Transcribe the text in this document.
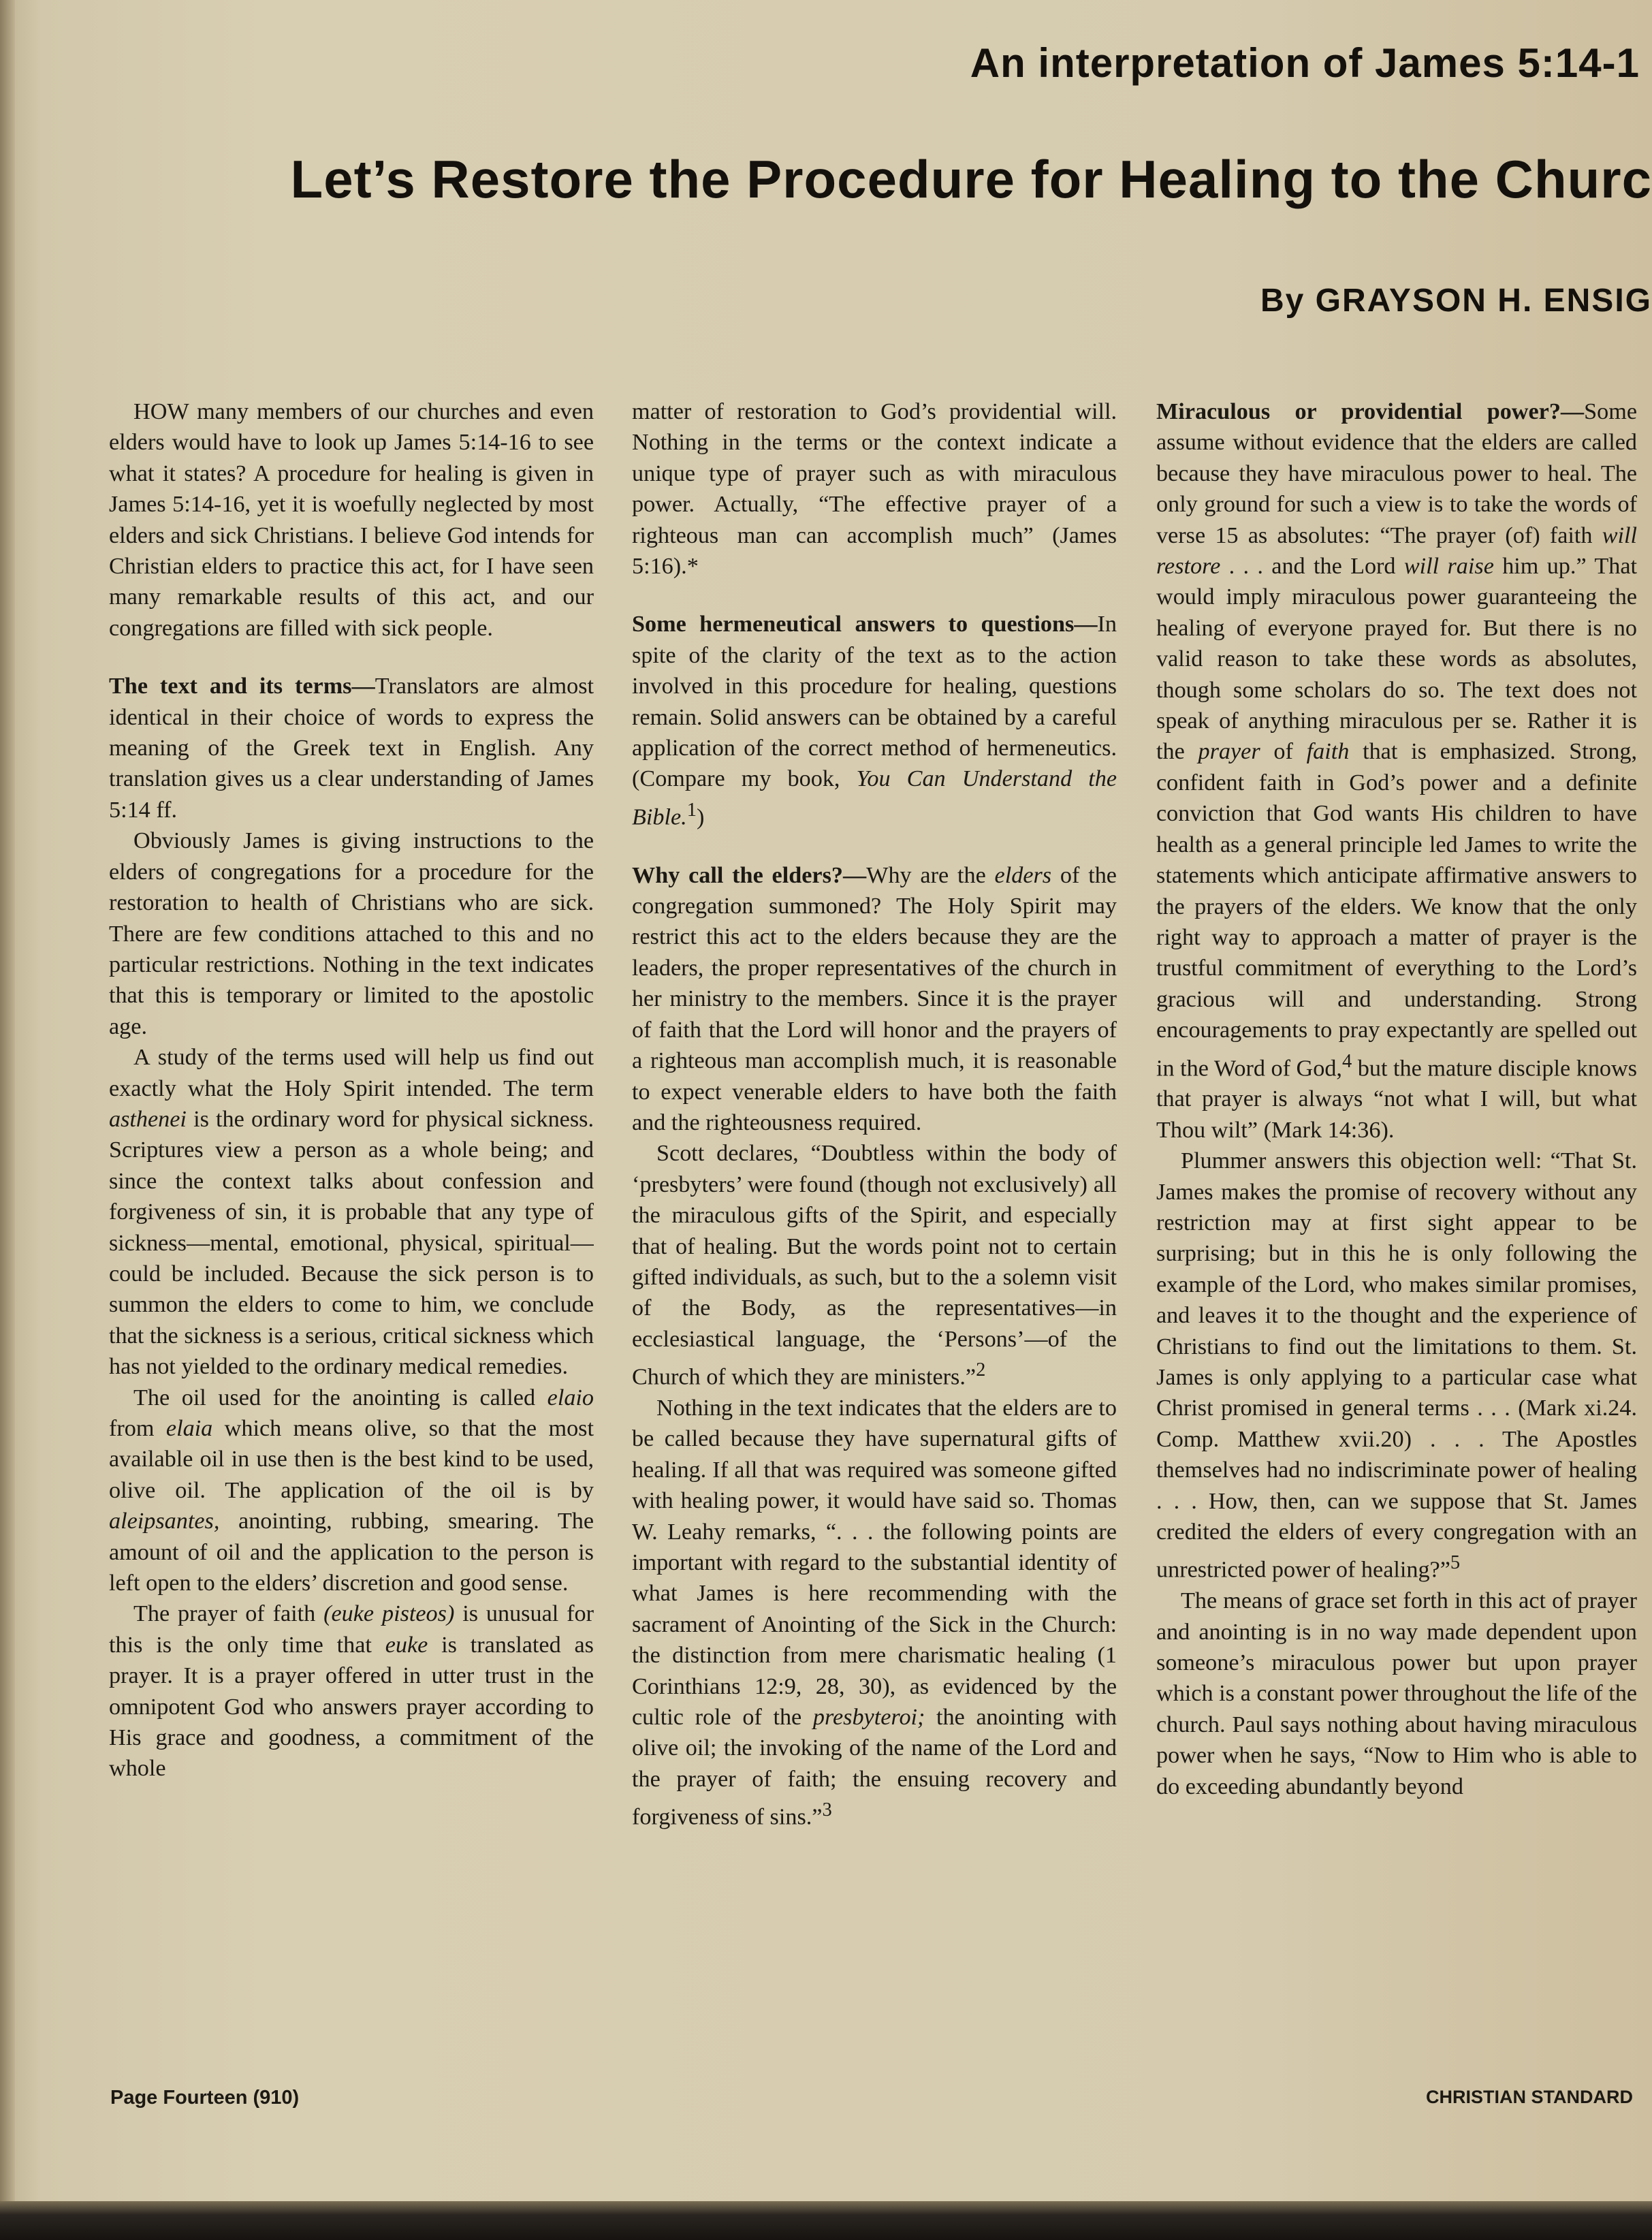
An interpretation of James 5:14-1
Let’s Restore the Procedure for Healing to the Churc
By GRAYSON H. ENSIG

HOW many members of our churches and even elders would have to look up James 5:14-16 to see what it states? A procedure for healing is given in James 5:14-16, yet it is woefully neglected by most elders and sick Christians. I believe God intends for Christian elders to practice this act, for I have seen many remarkable results of this act, and our congregations are filled with sick people.

The text and its terms—Translators are almost identical in their choice of words to express the meaning of the Greek text in English. Any translation gives us a clear understanding of James 5:14 ff.

Obviously James is giving instructions to the elders of congregations for a procedure for the restoration to health of Christians who are sick. There are few conditions attached to this and no particular restrictions. Nothing in the text indicates that this is temporary or limited to the apostolic age.

A study of the terms used will help us find out exactly what the Holy Spirit intended. The term asthenei is the ordinary word for physical sickness. Scriptures view a person as a whole being; and since the context talks about confession and forgiveness of sin, it is probable that any type of sickness—mental, emotional, physical, spiritual—could be included. Because the sick person is to summon the elders to come to him, we conclude that the sickness is a serious, critical sickness which has not yielded to the ordinary medical remedies.

The oil used for the anointing is called elaio from elaia which means olive, so that the most available oil in use then is the best kind to be used, olive oil. The application of the oil is by aleipsantes, anointing, rubbing, smearing. The amount of oil and the application to the person is left open to the elders’ discretion and good sense.

The prayer of faith (euke pisteos) is unusual for this is the only time that euke is translated as prayer. It is a prayer offered in utter trust in the omnipotent God who answers prayer according to His grace and goodness, a commitment of the whole

matter of restoration to God’s providential will. Nothing in the terms or the context indicate a unique type of prayer such as with miraculous power. Actually, “The effective prayer of a righteous man can accomplish much” (James 5:16).*

Some hermeneutical answers to questions—In spite of the clarity of the text as to the action involved in this procedure for healing, questions remain. Solid answers can be obtained by a careful application of the correct method of hermeneutics. (Compare my book, You Can Understand the Bible.$^1$)

Why call the elders?—Why are the elders of the congregation summoned? The Holy Spirit may restrict this act to the elders because they are the leaders, the proper representatives of the church in her ministry to the members. Since it is the prayer of faith that the Lord will honor and the prayers of a righteous man accomplish much, it is reasonable to expect venerable elders to have both the faith and the righteousness required.

Scott declares, “Doubtless within the body of ‘presbyters’ were found (though not exclusively) all the miraculous gifts of the Spirit, and especially that of healing. But the words point not to certain gifted individuals, as such, but to the a solemn visit of the Body, as the representatives—in ecclesiastical language, the ‘Persons’—of the Church of which they are ministers.”$^2$

Nothing in the text indicates that the elders are to be called because they have supernatural gifts of healing. If all that was required was someone gifted with healing power, it would have said so. Thomas W. Leahy remarks, “. . . the following points are important with regard to the substantial identity of what James is here recommending with the sacrament of Anointing of the Sick in the Church: the distinction from mere charismatic healing (1 Corinthians 12:9, 28, 30), as evidenced by the cultic role of the presbyteroi; the anointing with olive oil; the invoking of the name of the Lord and the prayer of faith; the ensuing recovery and forgiveness of sins.”$^3$

Miraculous or providential power?—Some assume without evidence that the elders are called because they have miraculous power to heal. The only ground for such a view is to take the words of verse 15 as absolutes: “The prayer (of) faith will restore . . . and the Lord will raise him up.” That would imply miraculous power guaranteeing the healing of everyone prayed for. But there is no valid reason to take these words as absolutes, though some scholars do so. The text does not speak of anything miraculous per se. Rather it is the prayer of faith that is emphasized. Strong, confident faith in God’s power and a definite conviction that God wants His children to have health as a general principle led James to write the statements which anticipate affirmative answers to the prayers of the elders. We know that the only right way to approach a matter of prayer is the trustful commitment of everything to the Lord’s gracious will and understanding. Strong encouragements to pray expectantly are spelled out in the Word of God,$^4$ but the mature disciple knows that prayer is always “not what I will, but what Thou wilt” (Mark 14:36).

Plummer answers this objection well: “That St. James makes the promise of recovery without any restriction may at first sight appear to be surprising; but in this he is only following the example of the Lord, who makes similar promises, and leaves it to the thought and the experience of Christians to find out the limitations to them. St. James is only applying to a particular case what Christ promised in general terms . . . (Mark xi.24. Comp. Matthew xvii.20) . . . The Apostles themselves had no indiscriminate power of healing . . . How, then, can we suppose that St. James credited the elders of every congregation with an unrestricted power of healing?”$^5$

The means of grace set forth in this act of prayer and anointing is in no way made dependent upon someone’s miraculous power but upon prayer which is a constant power throughout the life of the church. Paul says nothing about having miraculous power when he says, “Now to Him who is able to do exceeding abundantly beyond

Page Fourteen (910)	CHRISTIAN STANDARD
